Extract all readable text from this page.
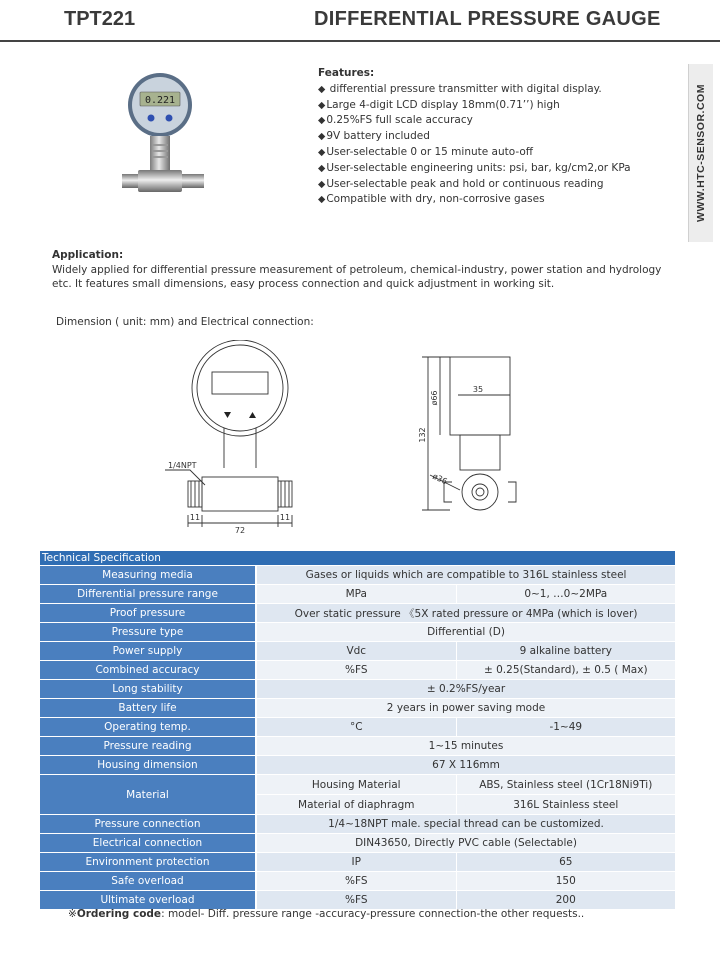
TPT221	DIFFERENTIAL PRESSURE GAUGE
WWW.HTC-SENSOR.COM
0.221
Features:
◆ differential pressure transmitter with digital display.
◆Large 4-digit LCD display 18mm(0.71’’) high
◆0.25%FS full scale accuracy
◆9V battery included
◆User-selectable 0 or 15 minute auto-off
◆User-selectable engineering units: psi, bar, kg/cm2,or KPa
◆User-selectable peak and hold or continuous reading
◆Compatible with dry, non-corrosive gases
Application:
Widely applied for differential pressure measurement of petroleum, chemical-industry, power station and hydrology etc. It features small dimensions, easy process connection and quick adjustment in working sit.
Dimension ( unit: mm) and Electrical connection:
1/4NPT
11
72
11
ø66
35
132
ø36
Technical Specification		
Measuring media	Gases or liquids which are compatible to 316L stainless steel	
Differential pressure range	MPa	0~1, …0~2MPa
Proof pressure	Over static pressure 《5X rated pressure or 4MPa (which is lover)	
Pressure type	Differential (D)	
Power supply	Vdc	9 alkaline battery
Combined accuracy	%FS	± 0.25(Standard), ± 0.5 ( Max)
Long stability	± 0.2%FS/year	
Battery life	2 years in power saving mode	
Operating temp.	°C	-1~49
Pressure reading	1~15 minutes	
Housing dimension	67 X 116mm	
Material	Housing Material	ABS, Stainless steel (1Cr18Ni9Ti)
	Material of diaphragm	316L Stainless steel
Pressure connection	1/4~18NPT male. special thread can be customized.	
Electrical connection	DIN43650, Directly PVC cable (Selectable)	
Environment protection	IP	65
Safe overload	%FS	150
Ultimate overload	%FS	200
※Ordering code: model- Diff. pressure range -accuracy-pressure connection-the other requests..
